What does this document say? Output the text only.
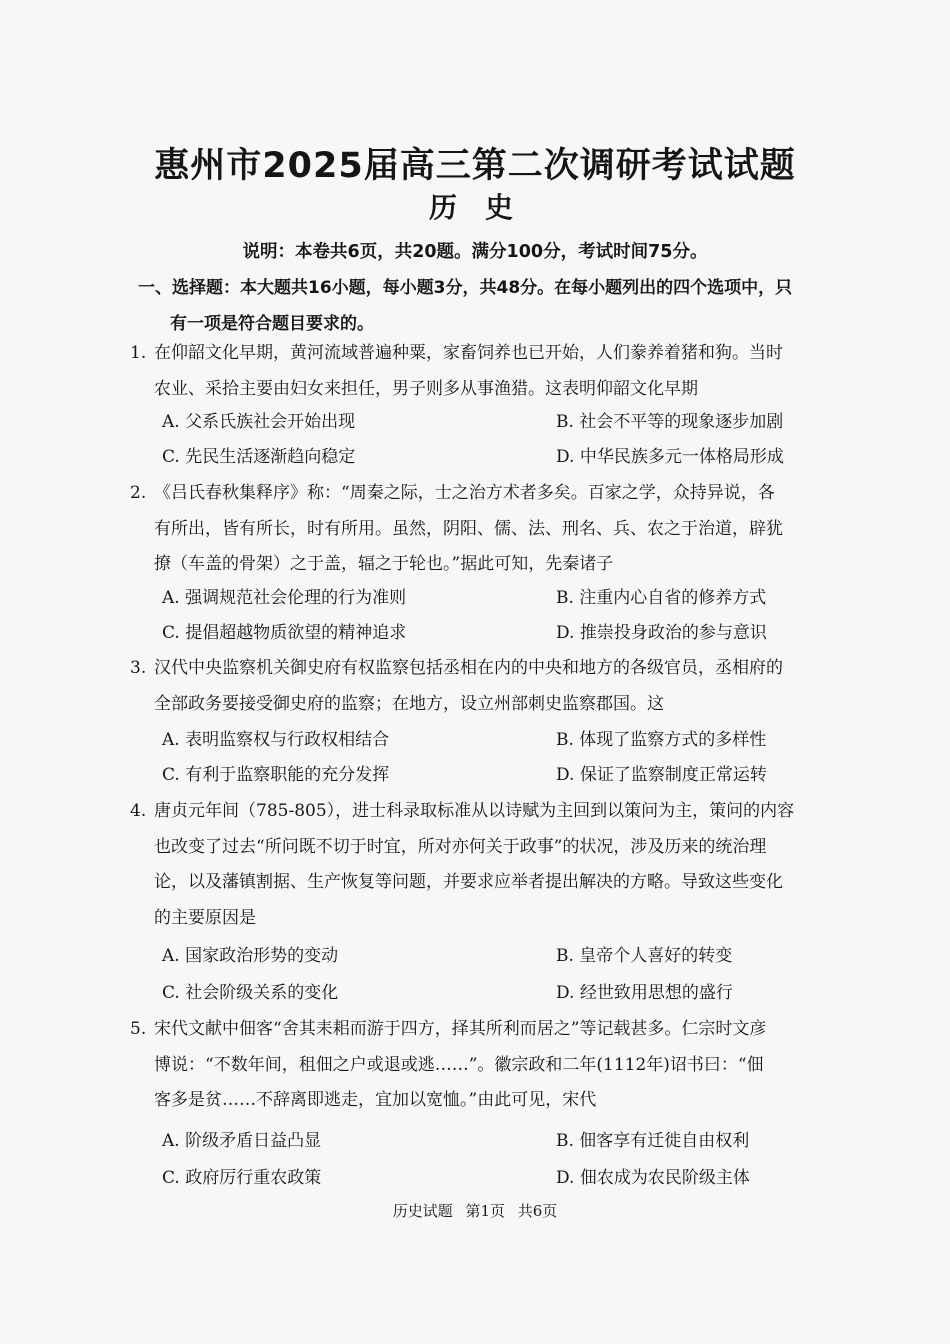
惠州市2025届高三第二次调研考试试题
历史
说明：本卷共6页，共20题。满分100分，考试时间75分。
一、选择题：本大题共16小题，每小题3分，共48分。在每小题列出的四个选项中，只
有一项是符合题目要求的。
1. 在仰韶文化早期，黄河流域普遍种粟，家畜饲养也已开始，人们豢养着猪和狗。当时
农业、采拾主要由妇女来担任，男子则多从事渔猎。这表明仰韶文化早期
A. 父系氏族社会开始出现	B. 社会不平等的现象逐步加剧
C. 先民生活逐渐趋向稳定	D. 中华民族多元一体格局形成
2. 《吕氏春秋集释序》称：“周秦之际，士之治方术者多矣。百家之学，众持异说，各
有所出，皆有所长，时有所用。虽然，阴阳、儒、法、刑名、兵、农之于治道，辟犹
撩（车盖的骨架）之于盖，辐之于轮也。”据此可知，先秦诸子
A. 强调规范社会伦理的行为准则	B. 注重内心自省的修养方式
C. 提倡超越物质欲望的精神追求	D. 推崇投身政治的参与意识
3. 汉代中央监察机关御史府有权监察包括丞相在内的中央和地方的各级官员，丞相府的
全部政务要接受御史府的监察；在地方，设立州部刺史监察郡国。这
A. 表明监察权与行政权相结合	B. 体现了监察方式的多样性
C. 有利于监察职能的充分发挥	D. 保证了监察制度正常运转
4. 唐贞元年间（785-805），进士科录取标准从以诗赋为主回到以策问为主，策问的内容
也改变了过去“所问既不切于时宜，所对亦何关于政事”的状况，涉及历来的统治理
论，以及藩镇割据、生产恢复等问题，并要求应举者提出解决的方略。导致这些变化
的主要原因是
A. 国家政治形势的变动	B. 皇帝个人喜好的转变
C. 社会阶级关系的变化	D. 经世致用思想的盛行
5. 宋代文献中佃客“舍其耒耜而游于四方，择其所利而居之”等记载甚多。仁宗时文彦
博说：“不数年间，租佃之户或退或逃……”。徽宗政和二年(1112年)诏书曰：“佃
客多是贫……不辞离即逃走，宜加以宽恤。”由此可见，宋代
A. 阶级矛盾日益凸显	B. 佃客享有迁徙自由权利
C. 政府厉行重农政策	D. 佃农成为农民阶级主体
历史试题 第1页 共6页
